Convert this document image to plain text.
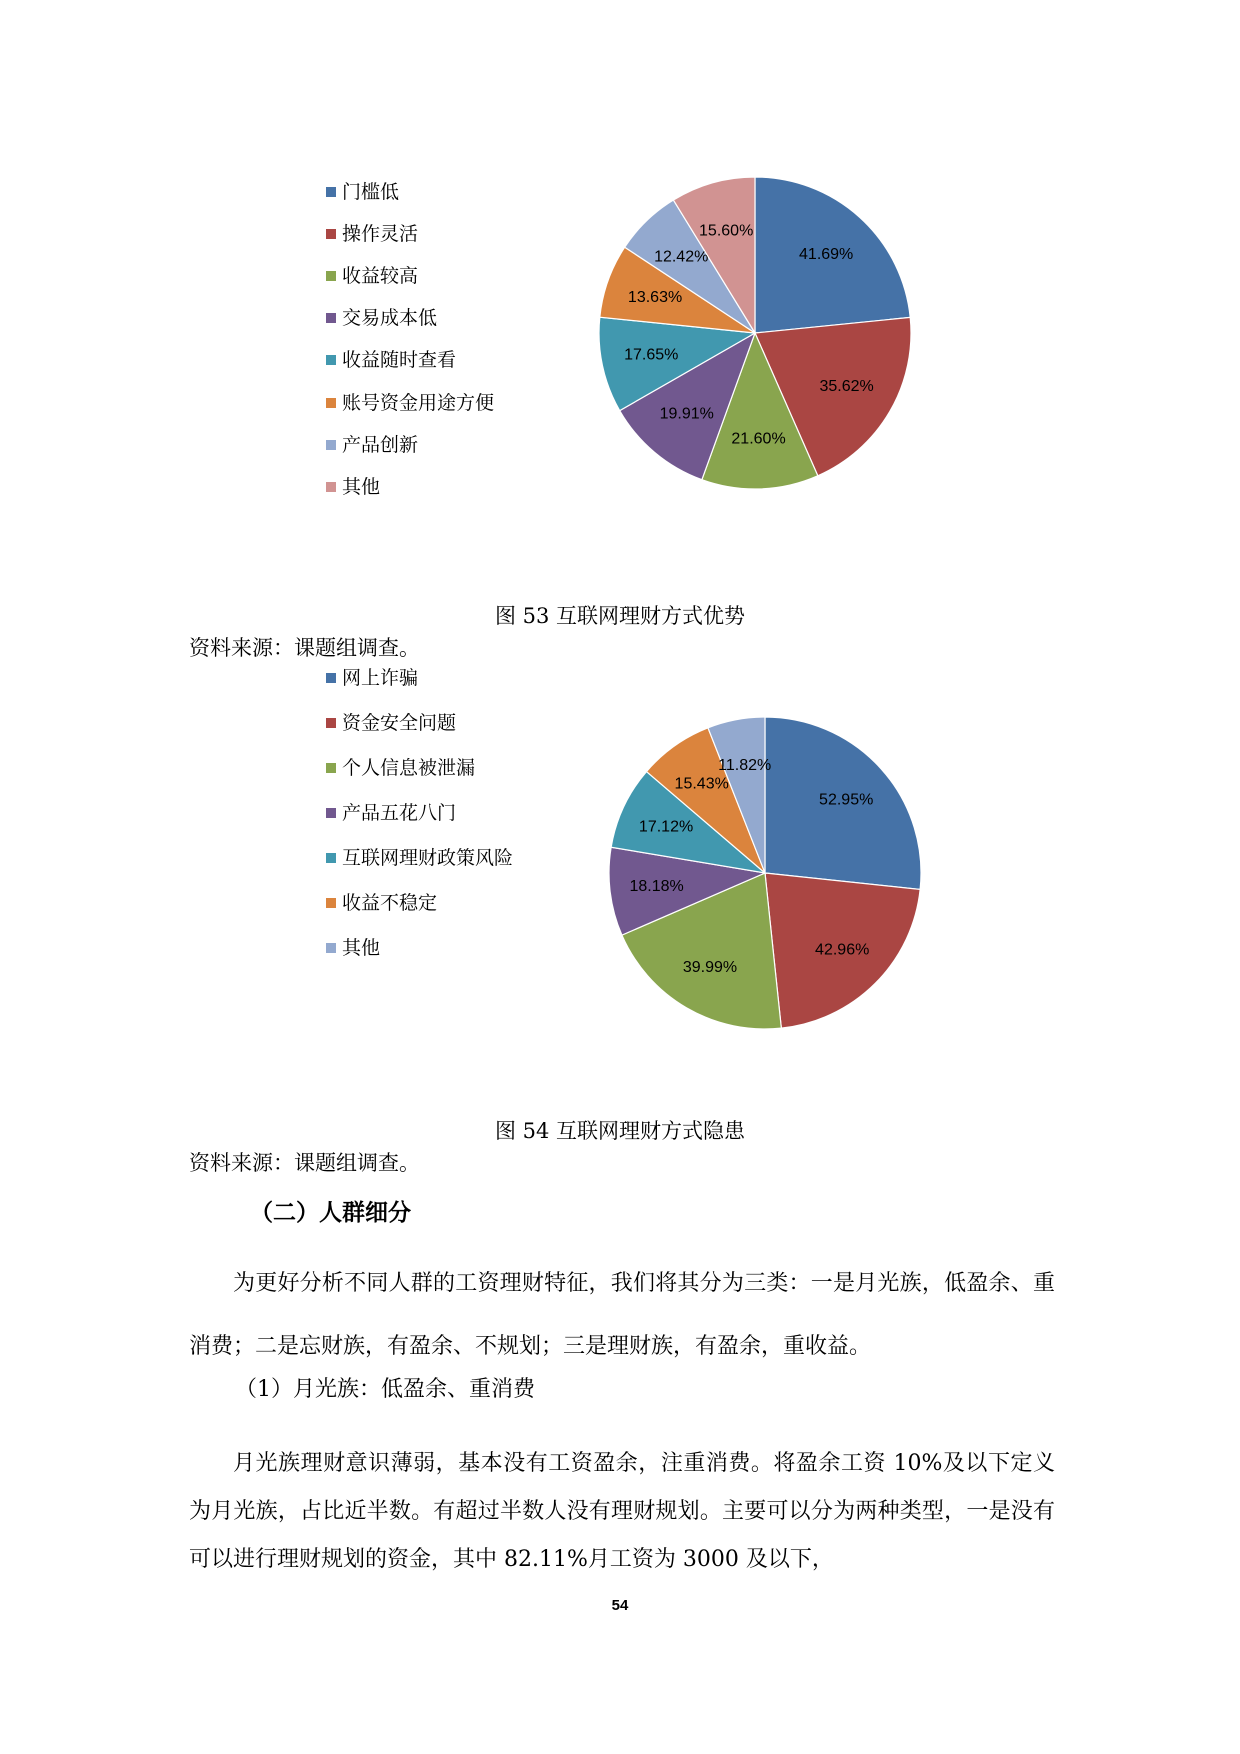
门槛低
操作灵活
收益较高
交易成本低
收益随时查看
账号资金用途方便
产品创新
其他
41.69%
35.62%
21.60%
19.91%
17.65%
13.63%
12.42%
15.60%
图 53 互联网理财方式优势
资料来源：课题组调查。
网上诈骗
资金安全问题
个人信息被泄漏
产品五花八门
互联网理财政策风险
收益不稳定
其他
52.95%
42.96%
39.99%
18.18%
17.12%
15.43%
11.82%
图 54 互联网理财方式隐患
资料来源：课题组调查。
（二）人群细分

为更好分析不同人群的工资理财特征，我们将其分为三类：一是月光族，低盈余、重消费；二是忘财族，有盈余、不规划；三是理财族，有盈余，重收益。

（1）月光族：低盈余、重消费

月光族理财意识薄弱，基本没有工资盈余，注重消费。将盈余工资 10%及以下定义为月光族，占比近半数。有超过半数人没有理财规划。主要可以分为两种类型，一是没有可以进行理财规划的资金，其中 82.11%月工资为 3000 及以下，

54
